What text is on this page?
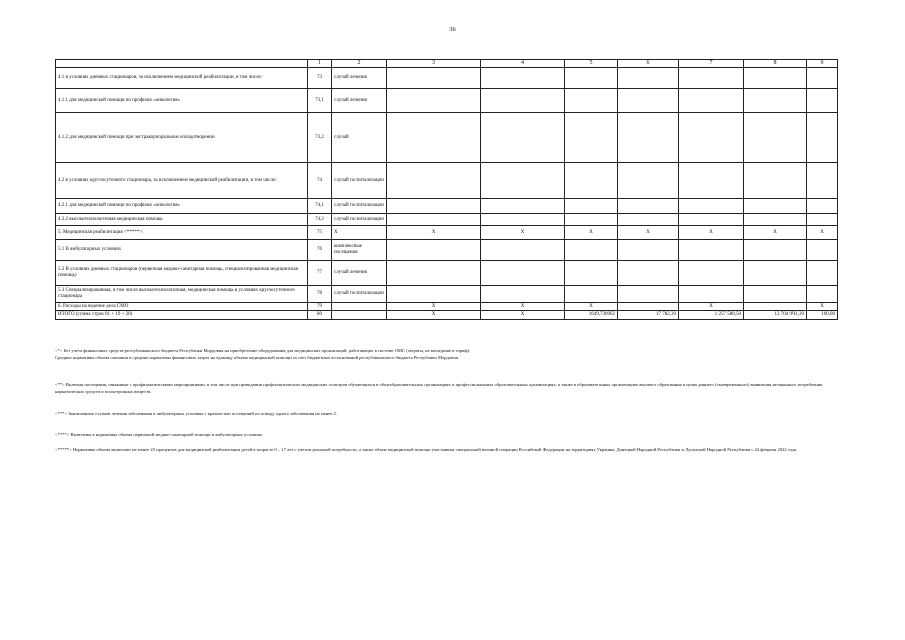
36
	1	2	3	4	5	6	7	8	9
4.1 в условиях дневных стационаров, за исключением медицинской реабилитации, в том числе:	73	случай лечения							
4.1.1 для медицинской помощи по профилю «онкология»	73,1	случай лечения							
4.1.2 для медицинской помощи при экстракорпоральном оплодотворении	73,2	случай							
4.2 в условиях круглосуточного стационара, за исключением медицинской реабилитации, в том числе:	74	случай госпитализации							
4.2.1 для медицинской помощи по профилю «онкология»	74,1	случай госпитализации							
4.2.2 высокотехнологичная медицинская помощь	74,2	случай госпитализации							
5. Медицинская реабилитация <*****>:	75	X	X	X	X	X	X	X	X
5.1 В амбулаторных условиях	76	комплексные посещения							
5.2 В условиях дневных стационаров (первичная медико-санитарная помощь, специализированная медицинская помощь)	77	случай лечения							
5.3 Специализированная, в том числе высокотехнологичная, медицинская помощь в условиях круглосуточного стационара	78	случай госпитализации							
6. Расходы на ведение дела СМО	79		X	X	X		X		X
ИТОГО (сумма строк 01 + 19 + 20)	80		X	X	1649,7309б2	17 782,30	1 257 588,50	12 704 9Ч1,30	100,00

<*> Без учета финансовых средств республиканского бюджета Республики Мордовия на приобретение оборудования для медицинских организаций, работающих в системе ОМС (затраты, не вошедшие в тариф).

Средние нормативы объема оказания и средние нормативы финансовых затрат на единицу объема медицинской помощи за счет бюджетных ассигнований республиканского бюджета Республики Мордовия.

<**> Включая посещения, связанные с профилактическими мероприятиями, в том числе при проведении профилактических медицинских осмотров обучающихся в общеобразовательных организациях и профессиональных образовательных организациях, а также в образовательных организациях высшего образования в целях раннего (своевременного) выявления незаконного потребления наркотических средств и психотропных веществ.

<***> Законченных случаев лечения заболевания в амбулаторных условиях с кратностью посещений по поводу одного заболевания не менее 2.

<****> Включены в нормативы объема первичной медико-санитарной помощи в амбулаторных условиях.

<*****> Нормативы объема включают не менее 25 процентов для медицинской реабилитации детей в возрасте 0 – 17 лет с учетом реальной потребности, а также объем медицинской помощи участникам специальной военной операции Российской Федерации на территориях Украины, Донецкой Народной Республики и Луганской Народной Республики с 24 февраля 2022 года.
